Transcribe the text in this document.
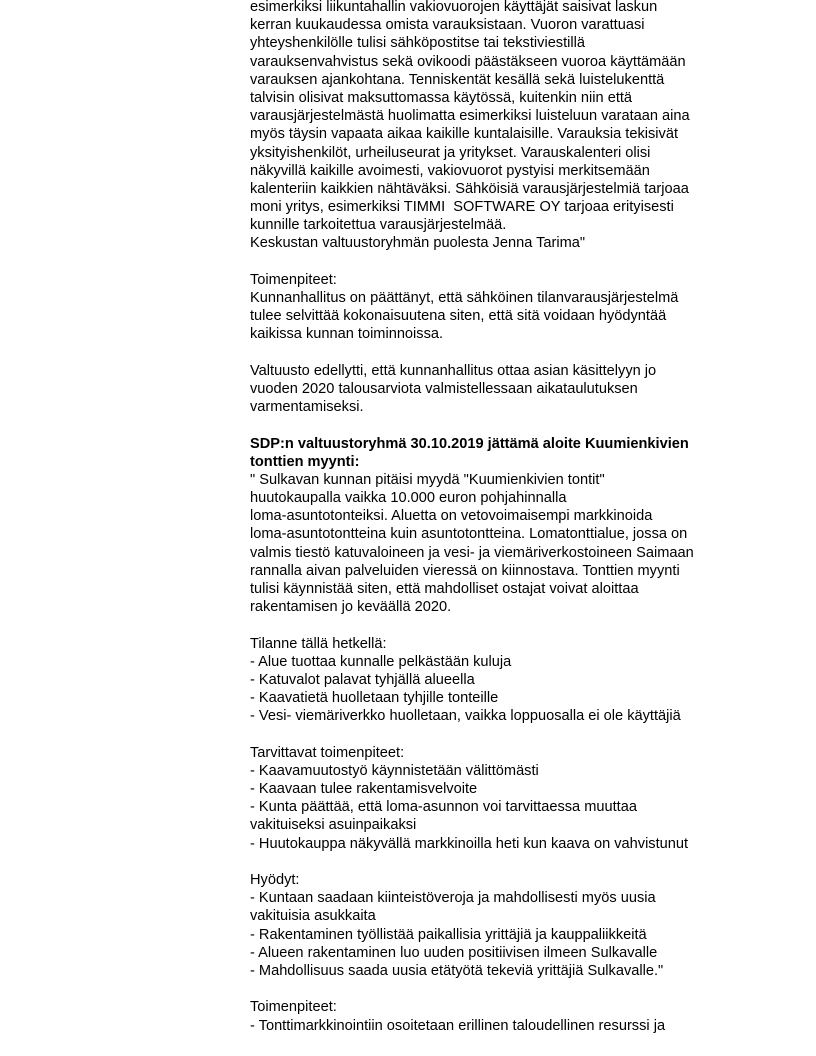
esimerkiksi liikuntahallin vakiovuorojen käyttäjät saisivat laskun
kerran kuukaudessa omista varauksistaan. Vuoron varattuasi
yhteyshenkilölle tulisi sähköpostitse tai tekstiviestillä
varauksenvahvistus sekä ovikoodi päästäkseen vuoroa käyttämään
varauksen ajankohtana. Tenniskentät kesällä sekä luistelukenttä
talvisin olisivat maksuttomassa käytössä, kuitenkin niin että
varausjärjestelmästä huolimatta esimerkiksi luisteluun varataan aina
myös täysin vapaata aikaa kaikille kuntalaisille. Varauksia tekisivät
yksityishenkilöt, urheiluseurat ja yritykset. Varauskalenteri olisi
näkyvillä kaikille avoimesti, vakiovuorot pystyisi merkitsemään
kalenteriin kaikkien nähtäväksi. Sähköisiä varausjärjestelmiä tarjoaa
moni yritys, esimerkiksi TIMMI  SOFTWARE OY tarjoaa erityisesti
kunnille tarkoitettua varausjärjestelmää.
Keskustan valtuustoryhmän puolesta Jenna Tarima"
Toimenpiteet:
Kunnanhallitus on päättänyt, että sähköinen tilanvarausjärjestelmä
tulee selvittää kokonaisuutena siten, että sitä voidaan hyödyntää
kaikissa kunnan toiminnoissa.
Valtuusto edellytti, että kunnanhallitus ottaa asian käsittelyyn jo
vuoden 2020 talousarviota valmistellessaan aikataulutuksen
varmentamiseksi.
SDP:n valtuustoryhmä 30.10.2019 jättämä aloite Kuumienkivien
tonttien myynti:
" Sulkavan kunnan pitäisi myydä "Kuumienkivien tontit"
huutokaupalla vaikka 10.000 euron pohjahinnalla
loma-asuntotonteiksi. Aluetta on vetovoimaisempi markkinoida
loma-asuntotontteina kuin asuntotontteina. Lomatonttialue, jossa on
valmis tiestö katuvaloineen ja vesi- ja viemäriverkostoineen Saimaan
rannalla aivan palveluiden vieressä on kiinnostava. Tonttien myynti
tulisi käynnistää siten, että mahdolliset ostajat voivat aloittaa
rakentamisen jo keväällä 2020.
Tilanne tällä hetkellä:
- Alue tuottaa kunnalle pelkästään kuluja
- Katuvalot palavat tyhjällä alueella
- Kaavatietä huolletaan tyhjille tonteille
- Vesi- viemäriverkko huolletaan, vaikka loppuosalla ei ole käyttäjiä
Tarvittavat toimenpiteet:
- Kaavamuutostyö käynnistetään välittömästi
- Kaavaan tulee rakentamisvelvoite
- Kunta päättää, että loma-asunnon voi tarvittaessa muuttaa
vakituiseksi asuinpaikaksi
- Huutokauppa näkyvällä markkinoilla heti kun kaava on vahvistunut
Hyödyt:
- Kuntaan saadaan kiinteistöveroja ja mahdollisesti myös uusia
vakituisia asukkaita
- Rakentaminen työllistää paikallisia yrittäjiä ja kauppaliikkeitä
- Alueen rakentaminen luo uuden positiivisen ilmeen Sulkavalle
- Mahdollisuus saada uusia etätyötä tekeviä yrittäjiä Sulkavalle."
Toimenpiteet:
- Tonttimarkkinointiin osoitetaan erillinen taloudellinen resurssi ja
